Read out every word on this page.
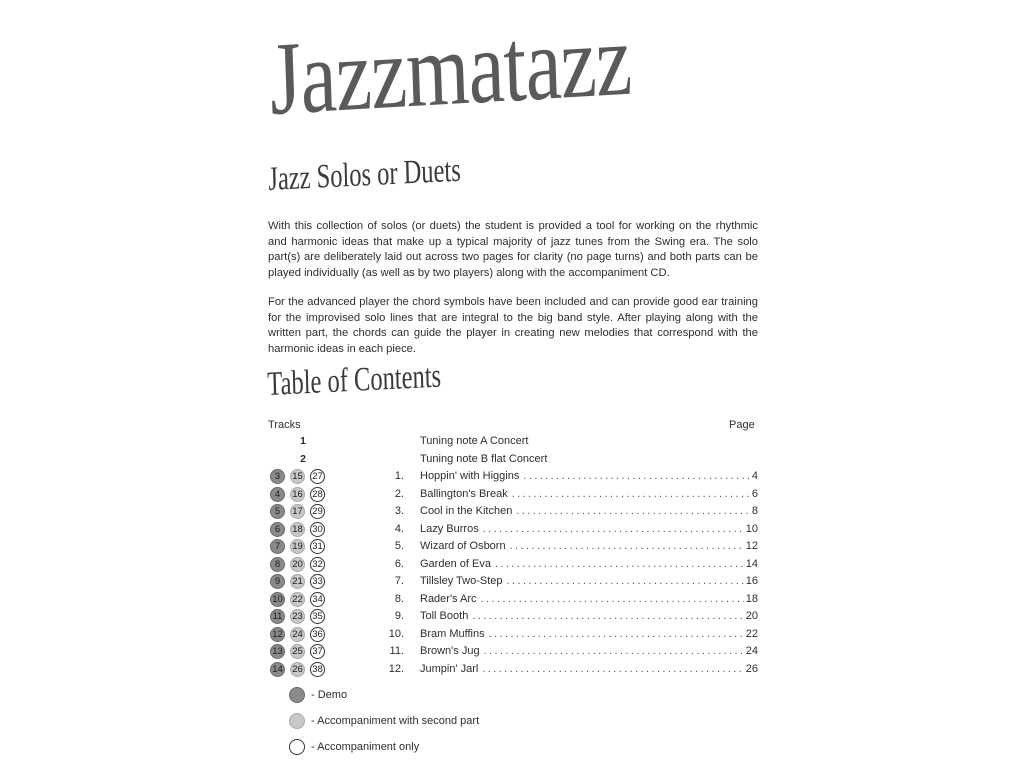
Jazzmatazz
Jazz Solos or Duets
With this collection of solos (or duets) the student is provided a tool for working on the rhythmic and harmonic ideas that make up a typical majority of jazz tunes from the Swing era. The solo part(s) are deliberately laid out across two pages for clarity (no page turns) and both parts can be played individually (as well as by two players) along with the accompaniment CD.
For the advanced player the chord symbols have been included and can provide good ear training for the improvised solo lines that are integral to the big band style. After playing along with the written part, the chords can guide the player in creating new melodies that correspond with the harmonic ideas in each piece.
Table of Contents
Tracks	Page
1	Tuning note A Concert
2	Tuning note B flat Concert
3	15 27	1. Hoppin' with Higgins .....	4
4	16 28	2. Ballington's Break .....	6
5	17 29	3. Cool in the Kitchen .....	8
6	18 30	4. Lazy Burros .....	10
7	19 31	5. Wizard of Osborn .....	12
8	20 32	6. Garden of Eva .....	14
9	21 33	7. Tillsley Two-Step .....	16
10 22 34	8. Rader's Arc .....	18
11 23 35	9. Toll Booth .....	20
12 24 36	10. Bram Muffins .....	22
13 25 37	11. Brown's Jug .....	24
14 26 38	12. Jumpin' Jarl .....	26
- Demo
- Accompaniment with second part
- Accompaniment only
